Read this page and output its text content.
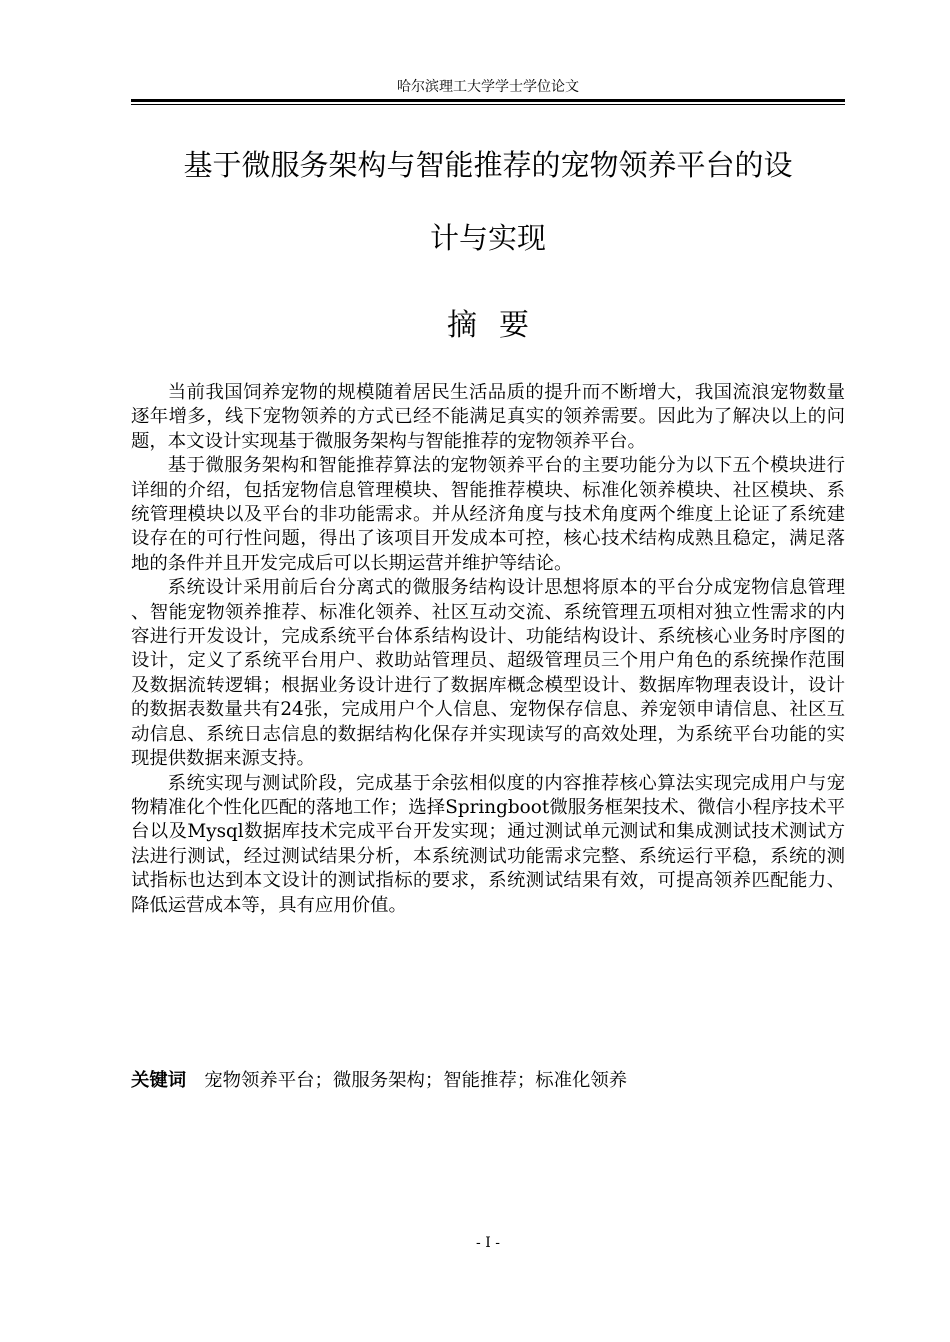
哈尔滨理工大学学士学位论文
基于微服务架构与智能推荐的宠物领养平台的设
计与实现
摘要

当前我国饲养宠物的规模随着居民生活品质的提升而不断增大，我国流浪宠物数量逐年增多，线下宠物领养的方式已经不能满足真实的领养需要。因此为了解决以上的问题，本文设计实现基于微服务架构与智能推荐的宠物领养平台。

基于微服务架构和智能推荐算法的宠物领养平台的主要功能分为以下五个模块进行详细的介绍，包括宠物信息管理模块、智能推荐模块、标准化领养模块、社区模块、系统管理模块以及平台的非功能需求。并从经济角度与技术角度两个维度上论证了系统建设存在的可行性问题，得出了该项目开发成本可控，核心技术结构成熟且稳定，满足落地的条件并且开发完成后可以长期运营并维护等结论。

系统设计采用前后台分离式的微服务结构设计思想将原本的平台分成宠物信息管理、智能宠物领养推荐、标准化领养、社区互动交流、系统管理五项相对独立性需求的内容进行开发设计，完成系统平台体系结构设计、功能结构设计、系统核心业务时序图的设计，定义了系统平台用户、救助站管理员、超级管理员三个用户角色的系统操作范围及数据流转逻辑；根据业务设计进行了数据库概念模型设计、数据库物理表设计，设计的数据表数量共有24张，完成用户个人信息、宠物保存信息、养宠领申请信息、社区互动信息、系统日志信息的数据结构化保存并实现读写的高效处理，为系统平台功能的实现提供数据来源支持。

系统实现与测试阶段，完成基于余弦相似度的内容推荐核心算法实现完成用户与宠物精准化个性化匹配的落地工作；选择Springboot微服务框架技术、微信小程序技术平台以及Mysql数据库技术完成平台开发实现；通过测试单元测试和集成测试技术测试方法进行测试，经过测试结果分析，本系统测试功能需求完整、系统运行平稳，系统的测试指标也达到本文设计的测试指标的要求，系统测试结果有效，可提高领养匹配能力、降低运营成本等，具有应用价值。

关键词 宠物领养平台；微服务架构；智能推荐；标准化领养
- I -
